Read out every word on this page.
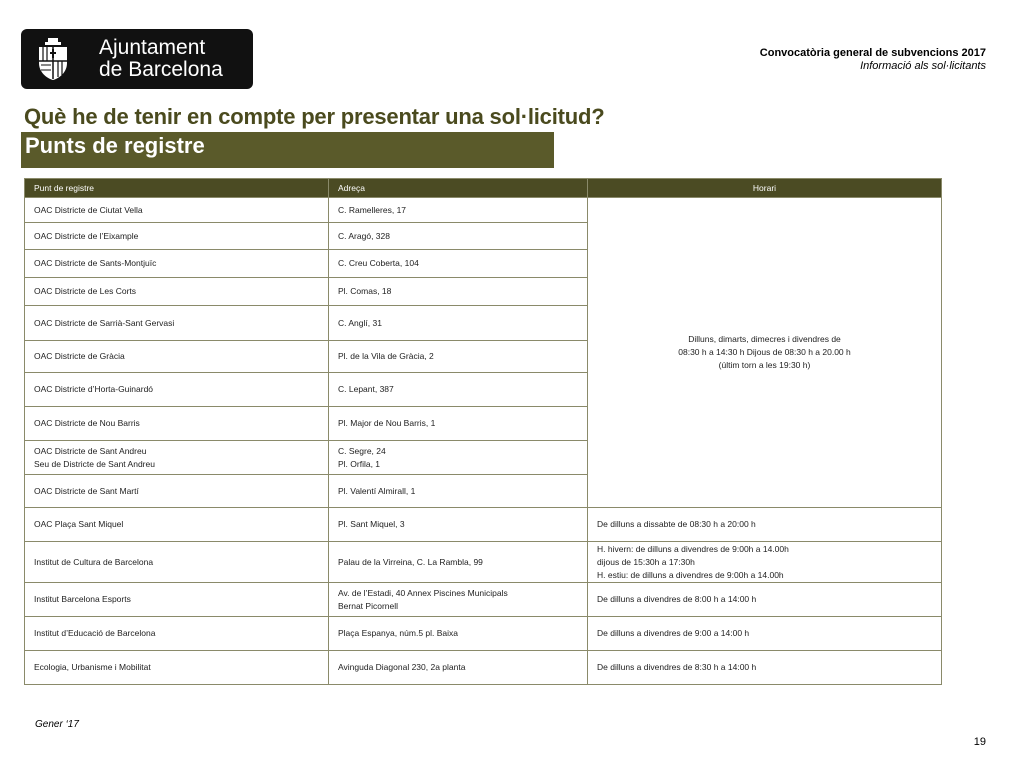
Ajuntament
de Barcelona
Convocatòria general de subvencions 2017
Informació als sol·licitants
Què he de tenir en compte per presentar una sol·licitud?
Punts de registre
Punt de registre	Adreça	Horari

OAC Districte de Ciutat Vella	C. Ramelleres, 17	Dilluns, dimarts, dimecres i divendres de
08:30 h a 14:30 h Dijous de 08:30 h a 20.00 h
(últim torn a les 19:30 h)

OAC Districte de l’Eixample	C. Aragó, 328	

OAC Districte de Sants-Montjuïc	C. Creu Coberta, 104	

OAC Districte de Les Corts	Pl. Comas, 18	

OAC Districte de Sarrià-Sant Gervasi	C. Anglí, 31	

OAC Districte de Gràcia	Pl. de la Vila de Gràcia, 2	

OAC Districte d’Horta-Guinardó	C. Lepant, 387	

OAC Districte de Nou Barris	Pl. Major de Nou Barris, 1	

OAC Districte de Sant Andreu
Seu de Districte de Sant Andreu	C. Segre, 24
Pl. Orfila, 1	

OAC Districte de Sant Martí	Pl. Valentí Almirall, 1	

OAC Plaça Sant Miquel	Pl. Sant Miquel, 3	De dilluns a dissabte de 08:30 h a 20:00 h

Institut de Cultura de Barcelona	Palau de la Virreina, C. La Rambla, 99	H. hivern: de dilluns a divendres de 9:00h a 14.00h
dijous de 15:30h a 17:30h
H. estiu: de dilluns a divendres de 9:00h a 14.00h

Institut Barcelona Esports	Av. de l’Estadi, 40 Annex Piscines Municipals
Bernat Picornell	De dilluns a divendres de 8:00 h a 14:00 h

Institut d’Educació de Barcelona	Plaça Espanya, núm.5 pl. Baixa	De dilluns a divendres de 9:00 a 14:00 h

Ecologia, Urbanisme i Mobilitat	Avinguda Diagonal 230, 2a planta	De dilluns a divendres de 8:30 h a 14:00 h
Gener ‘17
19
